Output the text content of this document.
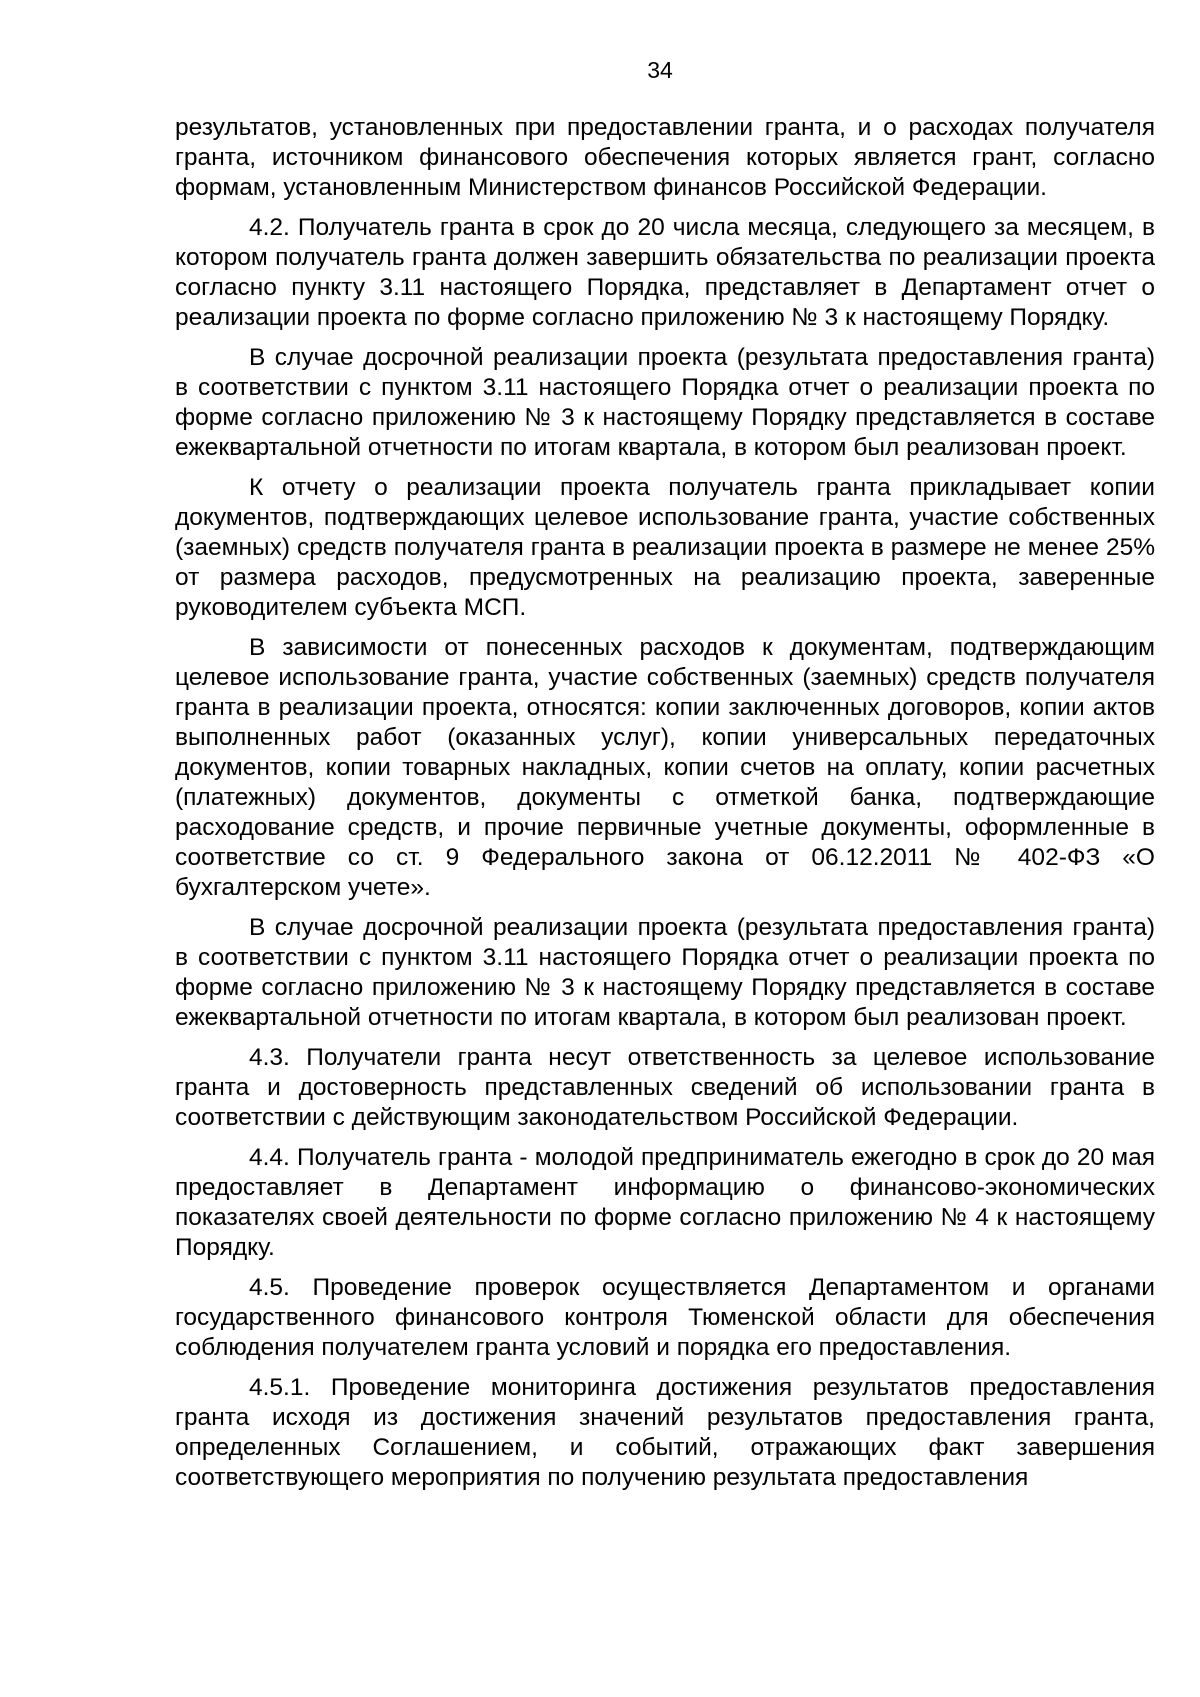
34

результатов, установленных при предоставлении гранта, и о расходах получателя гранта, источником финансового обеспечения которых является грант, согласно формам, установленным Министерством финансов Российской Федерации.

4.2. Получатель гранта в срок до 20 числа месяца, следующего за месяцем, в котором получатель гранта должен завершить обязательства по реализации проекта согласно пункту 3.11 настоящего Порядка, представляет в Департамент отчет о реализации проекта по форме согласно приложению № 3 к настоящему Порядку.

В случае досрочной реализации проекта (результата предоставления гранта) в соответствии с пунктом 3.11 настоящего Порядка отчет о реализации проекта по форме согласно приложению № 3 к настоящему Порядку представляется в составе ежеквартальной отчетности по итогам квартала, в котором был реализован проект.

К отчету о реализации проекта получатель гранта прикладывает копии документов, подтверждающих целевое использование гранта, участие собственных (заемных) средств получателя гранта в реализации проекта в размере не менее 25% от размера расходов, предусмотренных на реализацию проекта, заверенные руководителем субъекта МСП.

В зависимости от понесенных расходов к документам, подтверждающим целевое использование гранта, участие собственных (заемных) средств получателя гранта в реализации проекта, относятся: копии заключенных договоров, копии актов выполненных работ (оказанных услуг), копии универсальных передаточных документов, копии товарных накладных, копии счетов на оплату, копии расчетных (платежных) документов, документы с отметкой банка, подтверждающие расходование средств, и прочие первичные учетные документы, оформленные в соответствие со ст. 9 Федерального закона от 06.12.2011 № 402-ФЗ «О бухгалтерском учете».

В случае досрочной реализации проекта (результата предоставления гранта) в соответствии с пунктом 3.11 настоящего Порядка отчет о реализации проекта по форме согласно приложению № 3 к настоящему Порядку представляется в составе ежеквартальной отчетности по итогам квартала, в котором был реализован проект.

4.3. Получатели гранта несут ответственность за целевое использование гранта и достоверность представленных сведений об использовании гранта в соответствии с действующим законодательством Российской Федерации.

4.4. Получатель гранта - молодой предприниматель ежегодно в срок до 20 мая предоставляет в Департамент информацию о финансово-экономических показателях своей деятельности по форме согласно приложению № 4 к настоящему Порядку.

4.5. Проведение проверок осуществляется Департаментом и органами государственного финансового контроля Тюменской области для обеспечения соблюдения получателем гранта условий и порядка его предоставления.

4.5.1. Проведение мониторинга достижения результатов предоставления гранта исходя из достижения значений результатов предоставления гранта, определенных Соглашением, и событий, отражающих факт завершения соответствующего мероприятия по получению результата предоставления
